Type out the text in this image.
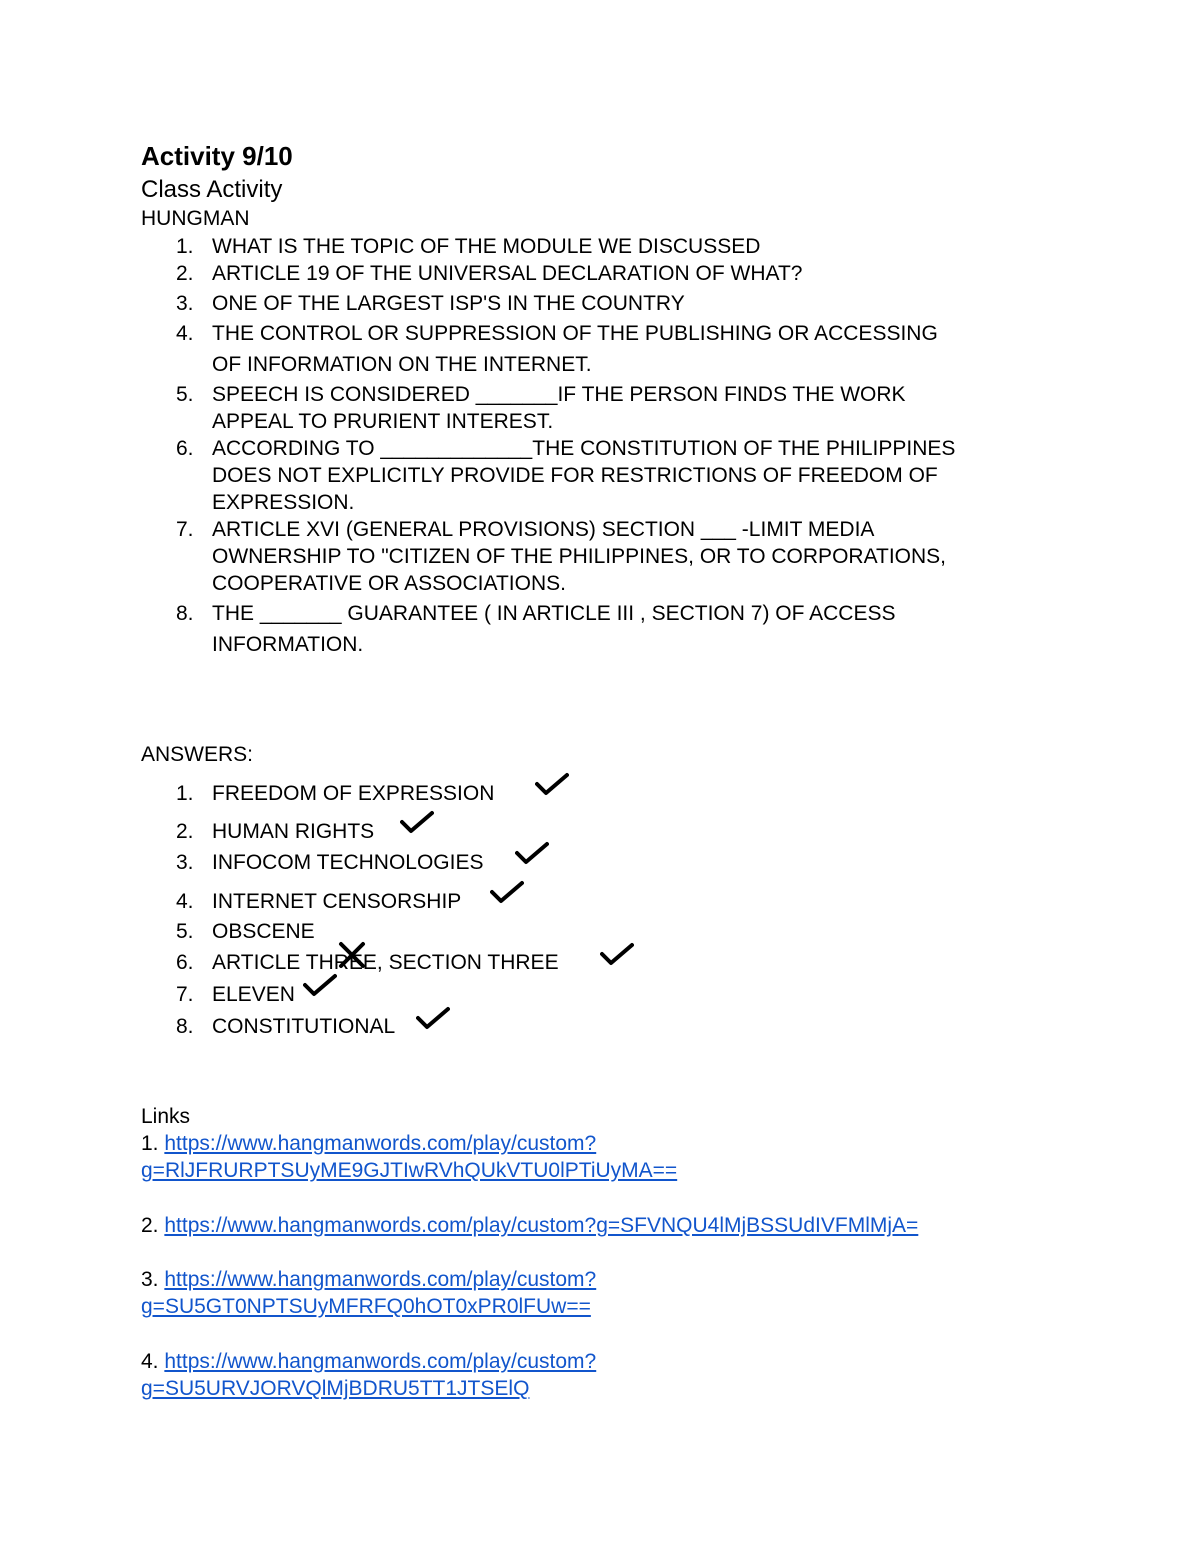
Activity 9/10
Class Activity
HUNGMAN
1. WHAT IS THE TOPIC OF THE MODULE WE DISCUSSED

2. ARTICLE 19 OF THE UNIVERSAL DECLARATION OF WHAT?

3. ONE OF THE LARGEST ISP'S IN THE COUNTRY

4. THE CONTROL OR SUPPRESSION OF THE PUBLISHING OR ACCESSING

OF INFORMATION ON THE INTERNET.

5. SPEECH IS CONSIDERED _______IF THE PERSON FINDS THE WORK

APPEAL TO PRURIENT INTEREST.

6. ACCORDING TO _____________THE CONSTITUTION OF THE PHILIPPINES

DOES NOT EXPLICITLY PROVIDE FOR RESTRICTIONS OF FREEDOM OF

EXPRESSION.

7. ARTICLE XVI (GENERAL PROVISIONS) SECTION ___ -LIMIT MEDIA

OWNERSHIP TO "CITIZEN OF THE PHILIPPINES, OR TO CORPORATIONS,

COOPERATIVE OR ASSOCIATIONS.

8. THE _______ GUARANTEE ( IN ARTICLE III , SECTION 7) OF ACCESS

INFORMATION.

ANSWERS:
1. FREEDOM OF EXPRESSION
2. HUMAN RIGHTS
3. INFOCOM TECHNOLOGIES
4. INTERNET CENSORSHIP
5. OBSCENE
6. ARTICLE THREE, SECTION THREE
7. ELEVEN
8. CONSTITUTIONAL
Links
1. https://www.hangmanwords.com/play/custom?
g=RlJFRURPTSUyME9GJTIwRVhQUkVTU0lPTiUyMA==
2. https://www.hangmanwords.com/play/custom?g=SFVNQU4lMjBSSUdIVFMlMjA=
3. https://www.hangmanwords.com/play/custom?
g=SU5GT0NPTSUyMFRFQ0hOT0xPR0lFUw==
4. https://www.hangmanwords.com/play/custom?
g=SU5URVJORVQlMjBDRU5TT1JTSElQ
